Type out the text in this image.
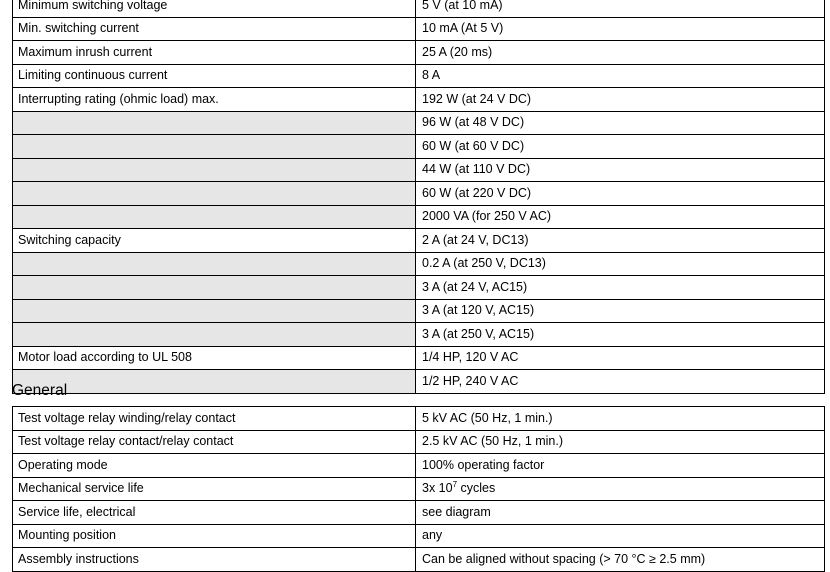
Minimum switching voltage	5 V (at 10 mA)
Min. switching current	10 mA (At 5 V)
Maximum inrush current	25 A (20 ms)
Limiting continuous current	8 A
Interrupting rating (ohmic load) max.	192 W (at 24 V DC)
	96 W (at 48 V DC)
	60 W (at 60 V DC)
	44 W (at 110 V DC)
	60 W (at 220 V DC)
	2000 VA (for 250 V AC)
Switching capacity	2 A (at 24 V, DC13)
	0.2 A (at 250 V, DC13)
	3 A (at 24 V, AC15)
	3 A (at 120 V, AC15)
	3 A (at 250 V, AC15)
Motor load according to UL 508	1/4 HP, 120 V AC
	1/2 HP, 240 V AC
General
Test voltage relay winding/relay contact	5 kV AC (50 Hz, 1 min.)
Test voltage relay contact/relay contact	2.5 kV AC (50 Hz, 1 min.)
Operating mode	100% operating factor
Mechanical service life	3x $10^7$ cycles
Service life, electrical	see diagram
Mounting position	any
Assembly instructions	Can be aligned without spacing (> 70 °C ≥ 2.5 mm)
